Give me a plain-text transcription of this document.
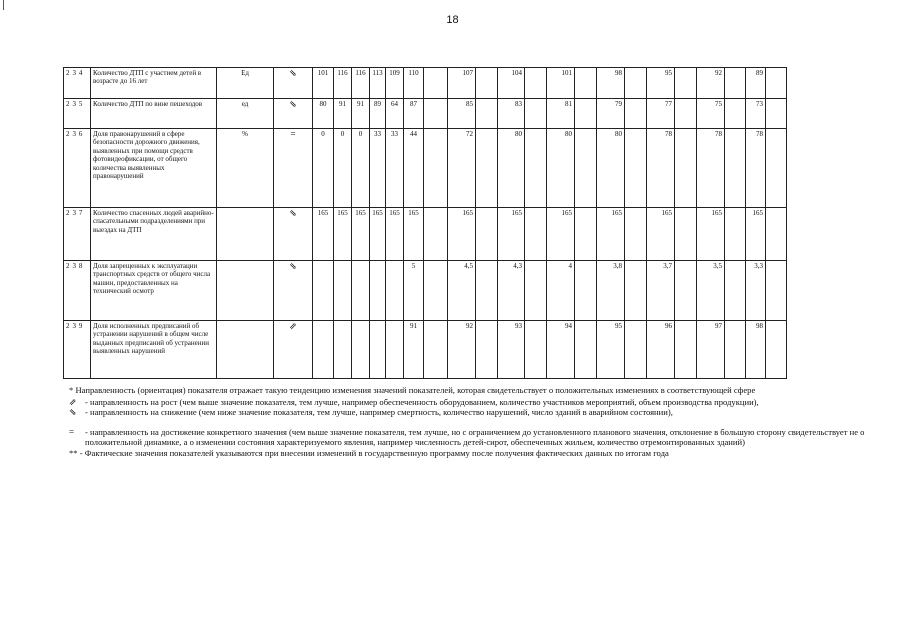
18
2 3 4	Количество ДТП с участием детей в возрасте до 16 лет	Ед	⇘	101	116	116	113	109	110		107		104		101		98		95		92		89		
2 3 5	Количество ДТП по вине пешеходов	ед	⇘	80	91	91	89	64	87		85		83		81		79		77		75		73		
2 3 6	Доля правонарушений в сфере безопасности дорожного движения, выявленных при помощи средств фотовидеофиксации, от общего количества выявленных правонарушений	%	=	0	0	0	33	33	44		72		80		80		80		78		78		78		
2 3 7	Количество спасенных людей аварийно-спасательными подразделениями при выездах на ДТП		⇘	165	165	165	165	165	165		165		165		165		165		165		165		165		
2 3 8	Доля запрещенных к эксплуатации транспортных средств от общего числа машин, предоставленных на технический осмотр		⇘						5		4,5		4,3		4		3,8		3,7		3,5		3,3		
2 3 9	Доля исполненных предписаний об устранении нарушений в общем числе выданных предписаний об устранении выявленных нарушений		⇗						91		92		93		94		95		96		97		98		
* Направленность (ориентация) показателя отражает такую тенденцию изменения значений показателей, которая свидетельствует о положительных изменениях в соответствующей сфере
⇗ - направленность на рост (чем выше значение показателя, тем лучше, например обеспеченность оборудованием, количество участников мероприятий, объем производства продукции),
⇘ - направленность на снижение (чем ниже значение показателя, тем лучше, например смертность, количество нарушений, число зданий в аварийном состоянии),
=	- направленность на достижение конкретного значения (чем выше значение показателя, тем лучше, но с ограничением до установленного планового значения, отклонение в большую сторону свидетельствует не о положительной динамике, а о изменении состояния характеризуемого явления, например численность детей-сирот, обеспеченных жильем, количество отремонтированных зданий)
** - Фактические значения показателей указываются при внесении изменений в государственную программу после получения фактических данных по итогам года
